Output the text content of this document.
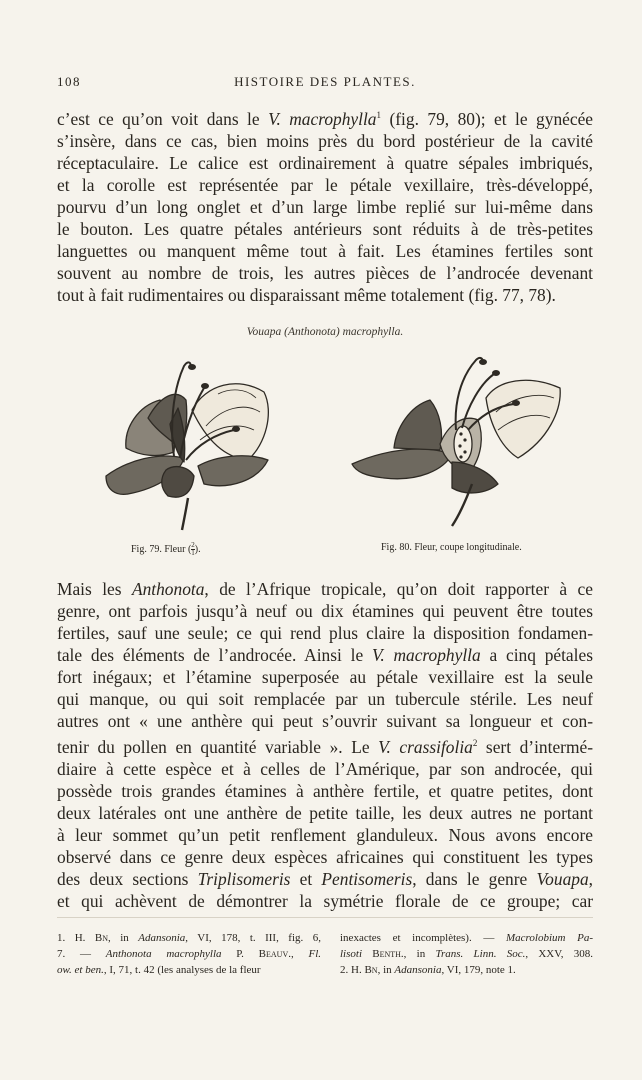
108	HISTOIRE DES PLANTES.

c’est ce qu’on voit dans le V. macrophylla$^1$ (fig. 79, 80); et le gynécée
s’insère, dans ce cas, bien moins près du bord postérieur de la cavité
réceptaculaire. Le calice est ordinairement à quatre sépales imbriqués,
et la corolle est représentée par le pétale vexillaire, très-développé,
pourvu d’un long onglet et d’un large limbe replié sur lui-même dans
le bouton. Les quatre pétales antérieurs sont réduits à de très-petites
languettes ou manquent même tout à fait. Les étamines fertiles sont
souvent au nombre de trois, les autres pièces de l’androcée devenant
tout à fait rudimentaires ou disparaissant même totalement (fig. 77, 78).

Vouapa (Anthonota) macrophylla.
Fig. 79. Fleur ( $\frac{2}{1}$ ).	Fig. 80. Fleur, coupe longitudinale.

Mais les Anthonota, de l’Afrique tropicale, qu’on doit rapporter à ce
genre, ont parfois jusqu’à neuf ou dix étamines qui peuvent être toutes
fertiles, sauf une seule; ce qui rend plus claire la disposition fondamen-
tale des éléments de l’androcée. Ainsi le V. macrophylla a cinq pétales
fort inégaux; et l’étamine superposée au pétale vexillaire est la seule
qui manque, ou qui soit remplacée par un tubercule stérile. Les neuf
autres ont « une anthère qui peut s’ouvrir suivant sa longueur et con-
tenir du pollen en quantité variable ». Le V. crassifolia$^2$ sert d’intermé-
diaire à cette espèce et à celles de l’Amérique, par son androcée, qui
possède trois grandes étamines à anthère fertile, et quatre petites, dont
deux latérales ont une anthère de petite taille, les deux autres ne portant
à leur sommet qu’un petit renflement glanduleux. Nous avons encore
observé dans ce genre deux espèces africaines qui constituent les types
des deux sections Triplisomeris et Pentisomeris, dans le genre Vouapa,
et qui achèvent de démontrer la symétrie florale de ce groupe; car

1. H. Bn, in Adansonia, VI, 178, t. III, fig. 6,
7. — Anthonota macrophylla P. Beauv., Fl.
ow. et ben., I, 71, t. 42 (les analyses de la fleur

inexactes et incomplètes). — Macrolobium Pa-
lisoti Benth., in Trans. Linn. Soc., XXV, 308.
2. H. Bn, in Adansonia, VI, 179, note 1.
